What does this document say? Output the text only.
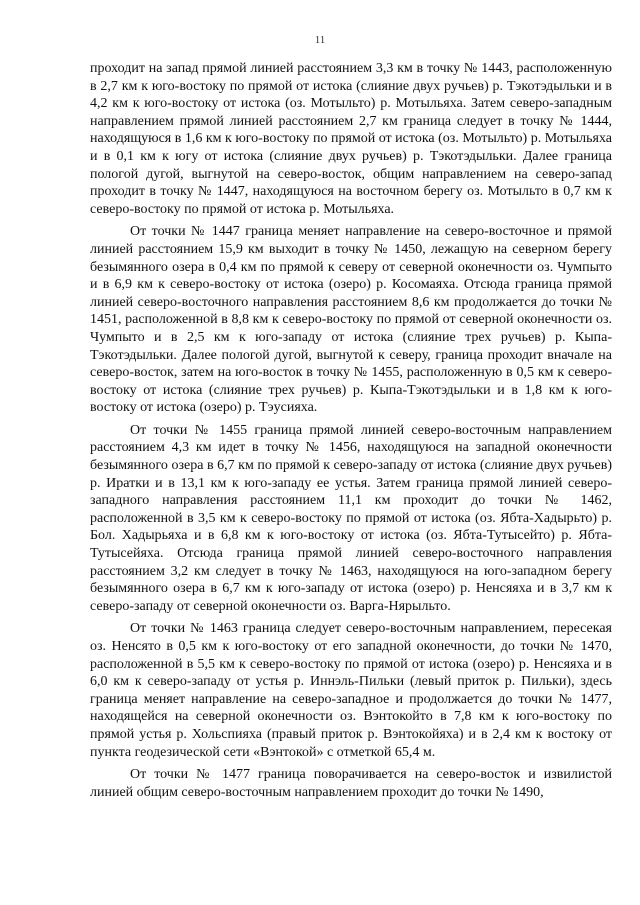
11

проходит на запад прямой линией расстоянием 3,3 км в точку № 1443, расположенную в 2,7 км к юго-востоку по прямой от истока (слияние двух ручьев) р. Тэкотэдыльки и в 4,2 км к юго-востоку от истока (оз. Мотыльто) р. Мотыльяха. Затем северо-западным направлением прямой линией расстоянием 2,7 км граница следует в точку № 1444, находящуюся в 1,6 км к юго-востоку по прямой от истока (оз. Мотыльто) р. Мотыльяха и в 0,1 км к югу от истока (слияние двух ручьев) р. Тэкотэдыльки. Далее граница пологой дугой, выгнутой на северо-восток, общим направлением на северо-запад проходит в точку № 1447, находящуюся на восточном берегу оз. Мотыльто в 0,7 км к северо-востоку по прямой от истока р. Мотыльяха.

От точки № 1447 граница меняет направление на северо-восточное и прямой линией расстоянием 15,9 км выходит в точку № 1450, лежащую на северном берегу безымянного озера в 0,4 км по прямой к северу от северной оконечности оз. Чумпыто и в 6,9 км к северо-востоку от истока (озеро) р. Косомаяха. Отсюда граница прямой линией северо-восточного направления расстоянием 8,6 км продолжается до точки № 1451, расположенной в 8,8 км к северо-востоку по прямой от северной оконечности оз. Чумпыто и в 2,5 км к юго-западу от истока (слияние трех ручьев) р. Кыпа-Тэкотэдыльки. Далее пологой дугой, выгнутой к северу, граница проходит вначале на северо-восток, затем на юго-восток в точку № 1455, расположенную в 0,5 км к северо-востоку от истока (слияние трех ручьев) р. Кыпа-Тэкотэдыльки и в 1,8 км к юго-востоку от истока (озеро) р. Тэусияха.

От точки № 1455 граница прямой линией северо-восточным направлением расстоянием 4,3 км идет в точку № 1456, находящуюся на западной оконечности безымянного озера в 6,7 км по прямой к северо-западу от истока (слияние двух ручьев) р. Иратки и в 13,1 км к юго-западу ее устья. Затем граница прямой линией северо-западного направления расстоянием 11,1 км проходит до точки № 1462, расположенной в 3,5 км к северо-востоку по прямой от истока (оз. Ябта-Хадырьто) р. Бол. Хадырьяха и в 6,8 км к юго-востоку от истока (оз. Ябта-Тутысейто) р. Ябта-Тутысейяха. Отсюда граница прямой линией северо-восточного направления расстоянием 3,2 км следует в точку № 1463, находящуюся на юго-западном берегу безымянного озера в 6,7 км к юго-западу от истока (озеро) р. Ненсяяха и в 3,7 км к северо-западу от северной оконечности оз. Варга-Нярыльто.

От точки № 1463 граница следует северо-восточным направлением, пересекая оз. Ненсято в 0,5 км к юго-востоку от его западной оконечности, до точки № 1470, расположенной в 5,5 км к северо-востоку по прямой от истока (озеро) р. Ненсяяха и в 6,0 км к северо-западу от устья р. Иннэль-Пильки (левый приток р. Пильки), здесь граница меняет направление на северо-западное и продолжается до точки № 1477, находящейся на северной оконечности оз. Вэнтокойто в 7,8 км к юго-востоку по прямой устья р. Хольспияха (правый приток р. Вэнтокойяха) и в 2,4 км к востоку от пункта геодезической сети «Вэнтокой» с отметкой 65,4 м.

От точки № 1477 граница поворачивается на северо-восток и извилистой линией общим северо-восточным направлением проходит до точки № 1490,
